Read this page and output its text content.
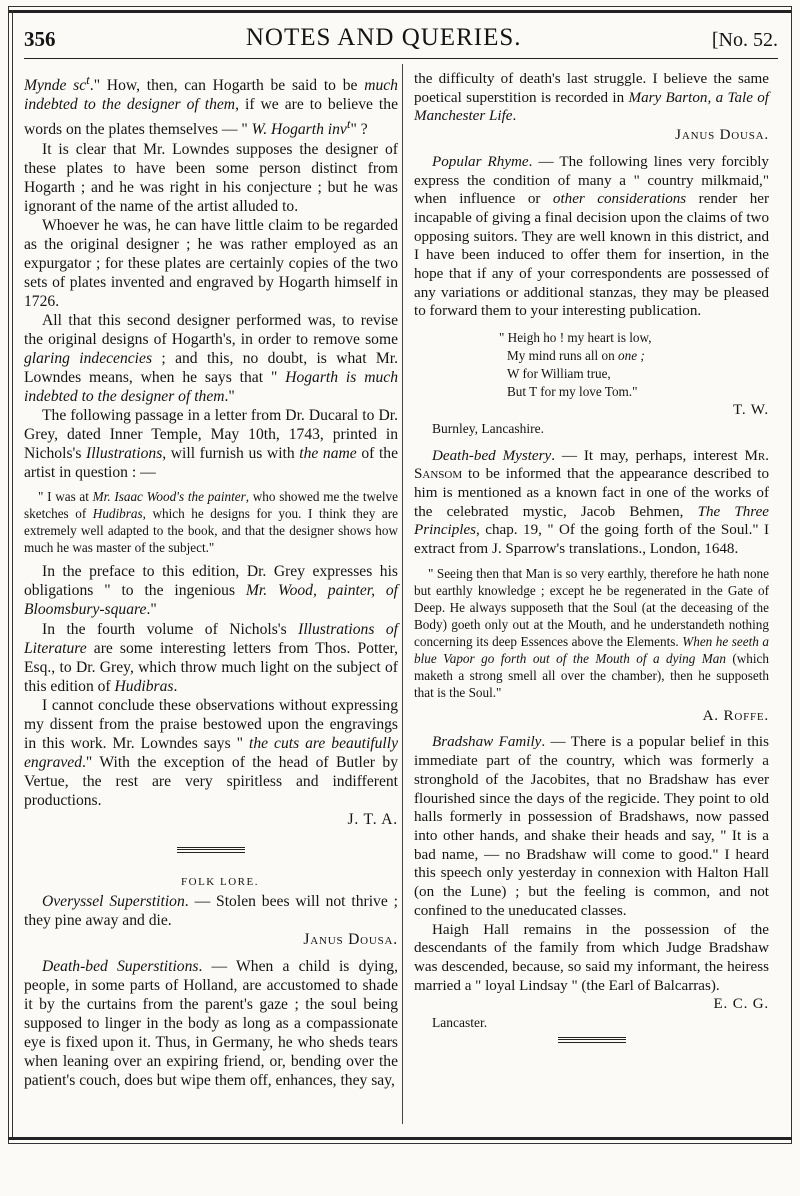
356	NOTES AND QUERIES.	[No. 52.

Mynde $sc^t$." How, then, can Hogarth be said to be much indebted to the designer of them, if we are to believe the words on the plates themselves — " W. Hogarth inv$^t$" ?

It is clear that Mr. Lowndes supposes the designer of these plates to have been some person distinct from Hogarth ; and he was right in his conjecture ; but he was ignorant of the name of the artist alluded to.

Whoever he was, he can have little claim to be regarded as the original designer ; he was rather employed as an expurgator ; for these plates are certainly copies of the two sets of plates invented and engraved by Hogarth himself in 1726.

All that this second designer performed was, to revise the original designs of Hogarth's, in order to remove some glaring indecencies ; and this, no doubt, is what Mr. Lowndes means, when he says that " Hogarth is much indebted to the designer of them."

The following passage in a letter from Dr. Ducaral to Dr. Grey, dated Inner Temple, May 10th, 1743, printed in Nichols's Illustrations, will furnish us with the name of the artist in question : —

" I was at Mr. Isaac Wood's the painter, who showed me the twelve sketches of Hudibras, which he designs for you. I think they are extremely well adapted to the book, and that the designer shows how much he was master of the subject."

In the preface to this edition, Dr. Grey expresses his obligations " to the ingenious Mr. Wood, painter, of Bloomsbury-square."

In the fourth volume of Nichols's Illustrations of Literature are some interesting letters from Thos. Potter, Esq., to Dr. Grey, which throw much light on the subject of this edition of Hudibras.

I cannot conclude these observations without expressing my dissent from the praise bestowed upon the engravings in this work. Mr. Lowndes says " the cuts are beautifully engraved." With the exception of the head of Butler by Vertue, the rest are very spiritless and indifferent productions.

J. T. A.

FOLK LORE.

Overyssel Superstition. — Stolen bees will not thrive ; they pine away and die.

Janus Dousa.

Death-bed Superstitions. — When a child is dying, people, in some parts of Holland, are accustomed to shade it by the curtains from the parent's gaze ; the soul being supposed to linger in the body as long as a compassionate eye is fixed upon it. Thus, in Germany, he who sheds tears when leaning over an expiring friend, or, bending over the patient's couch, does but wipe them off, enhances, they say,

the difficulty of death's last struggle. I believe the same poetical superstition is recorded in Mary Barton, a Tale of Manchester Life.

Janus Dousa.

Popular Rhyme. — The following lines very forcibly express the condition of many a " country milkmaid," when influence or other considerations render her incapable of giving a final decision upon the claims of two opposing suitors. They are well known in this district, and I have been induced to offer them for insertion, in the hope that if any of your correspondents are possessed of any variations or additional stanzas, they may be pleased to forward them to your interesting publication.

" Heigh ho ! my heart is low,
My mind runs all on one ;
W for William true,
But T for my love Tom."

T. W.

Burnley, Lancashire.

Death-bed Mystery. — It may, perhaps, interest Mr. Sansom to be informed that the appearance described to him is mentioned as a known fact in one of the works of the celebrated mystic, Jacob Behmen, The Three Principles, chap. 19, " Of the going forth of the Soul." I extract from J. Sparrow's translations., London, 1648.

" Seeing then that Man is so very earthly, therefore he hath none but earthly knowledge ; except he be regenerated in the Gate of Deep. He always supposeth that the Soul (at the deceasing of the Body) goeth only out at the Mouth, and he understandeth nothing concerning its deep Essences above the Elements. When he seeth a blue Vapor go forth out of the Mouth of a dying Man (which maketh a strong smell all over the chamber), then he supposeth that is the Soul."

A. Roffe.

Bradshaw Family. — There is a popular belief in this immediate part of the country, which was formerly a stronghold of the Jacobites, that no Bradshaw has ever flourished since the days of the regicide. They point to old halls formerly in possession of Bradshaws, now passed into other hands, and shake their heads and say, " It is a bad name, — no Bradshaw will come to good." I heard this speech only yesterday in connexion with Halton Hall (on the Lune) ; but the feeling is common, and not confined to the uneducated classes.

Haigh Hall remains in the possession of the descendants of the family from which Judge Bradshaw was descended, because, so said my informant, the heiress married a " loyal Lindsay " (the Earl of Balcarras).

E. C. G.

Lancaster.
